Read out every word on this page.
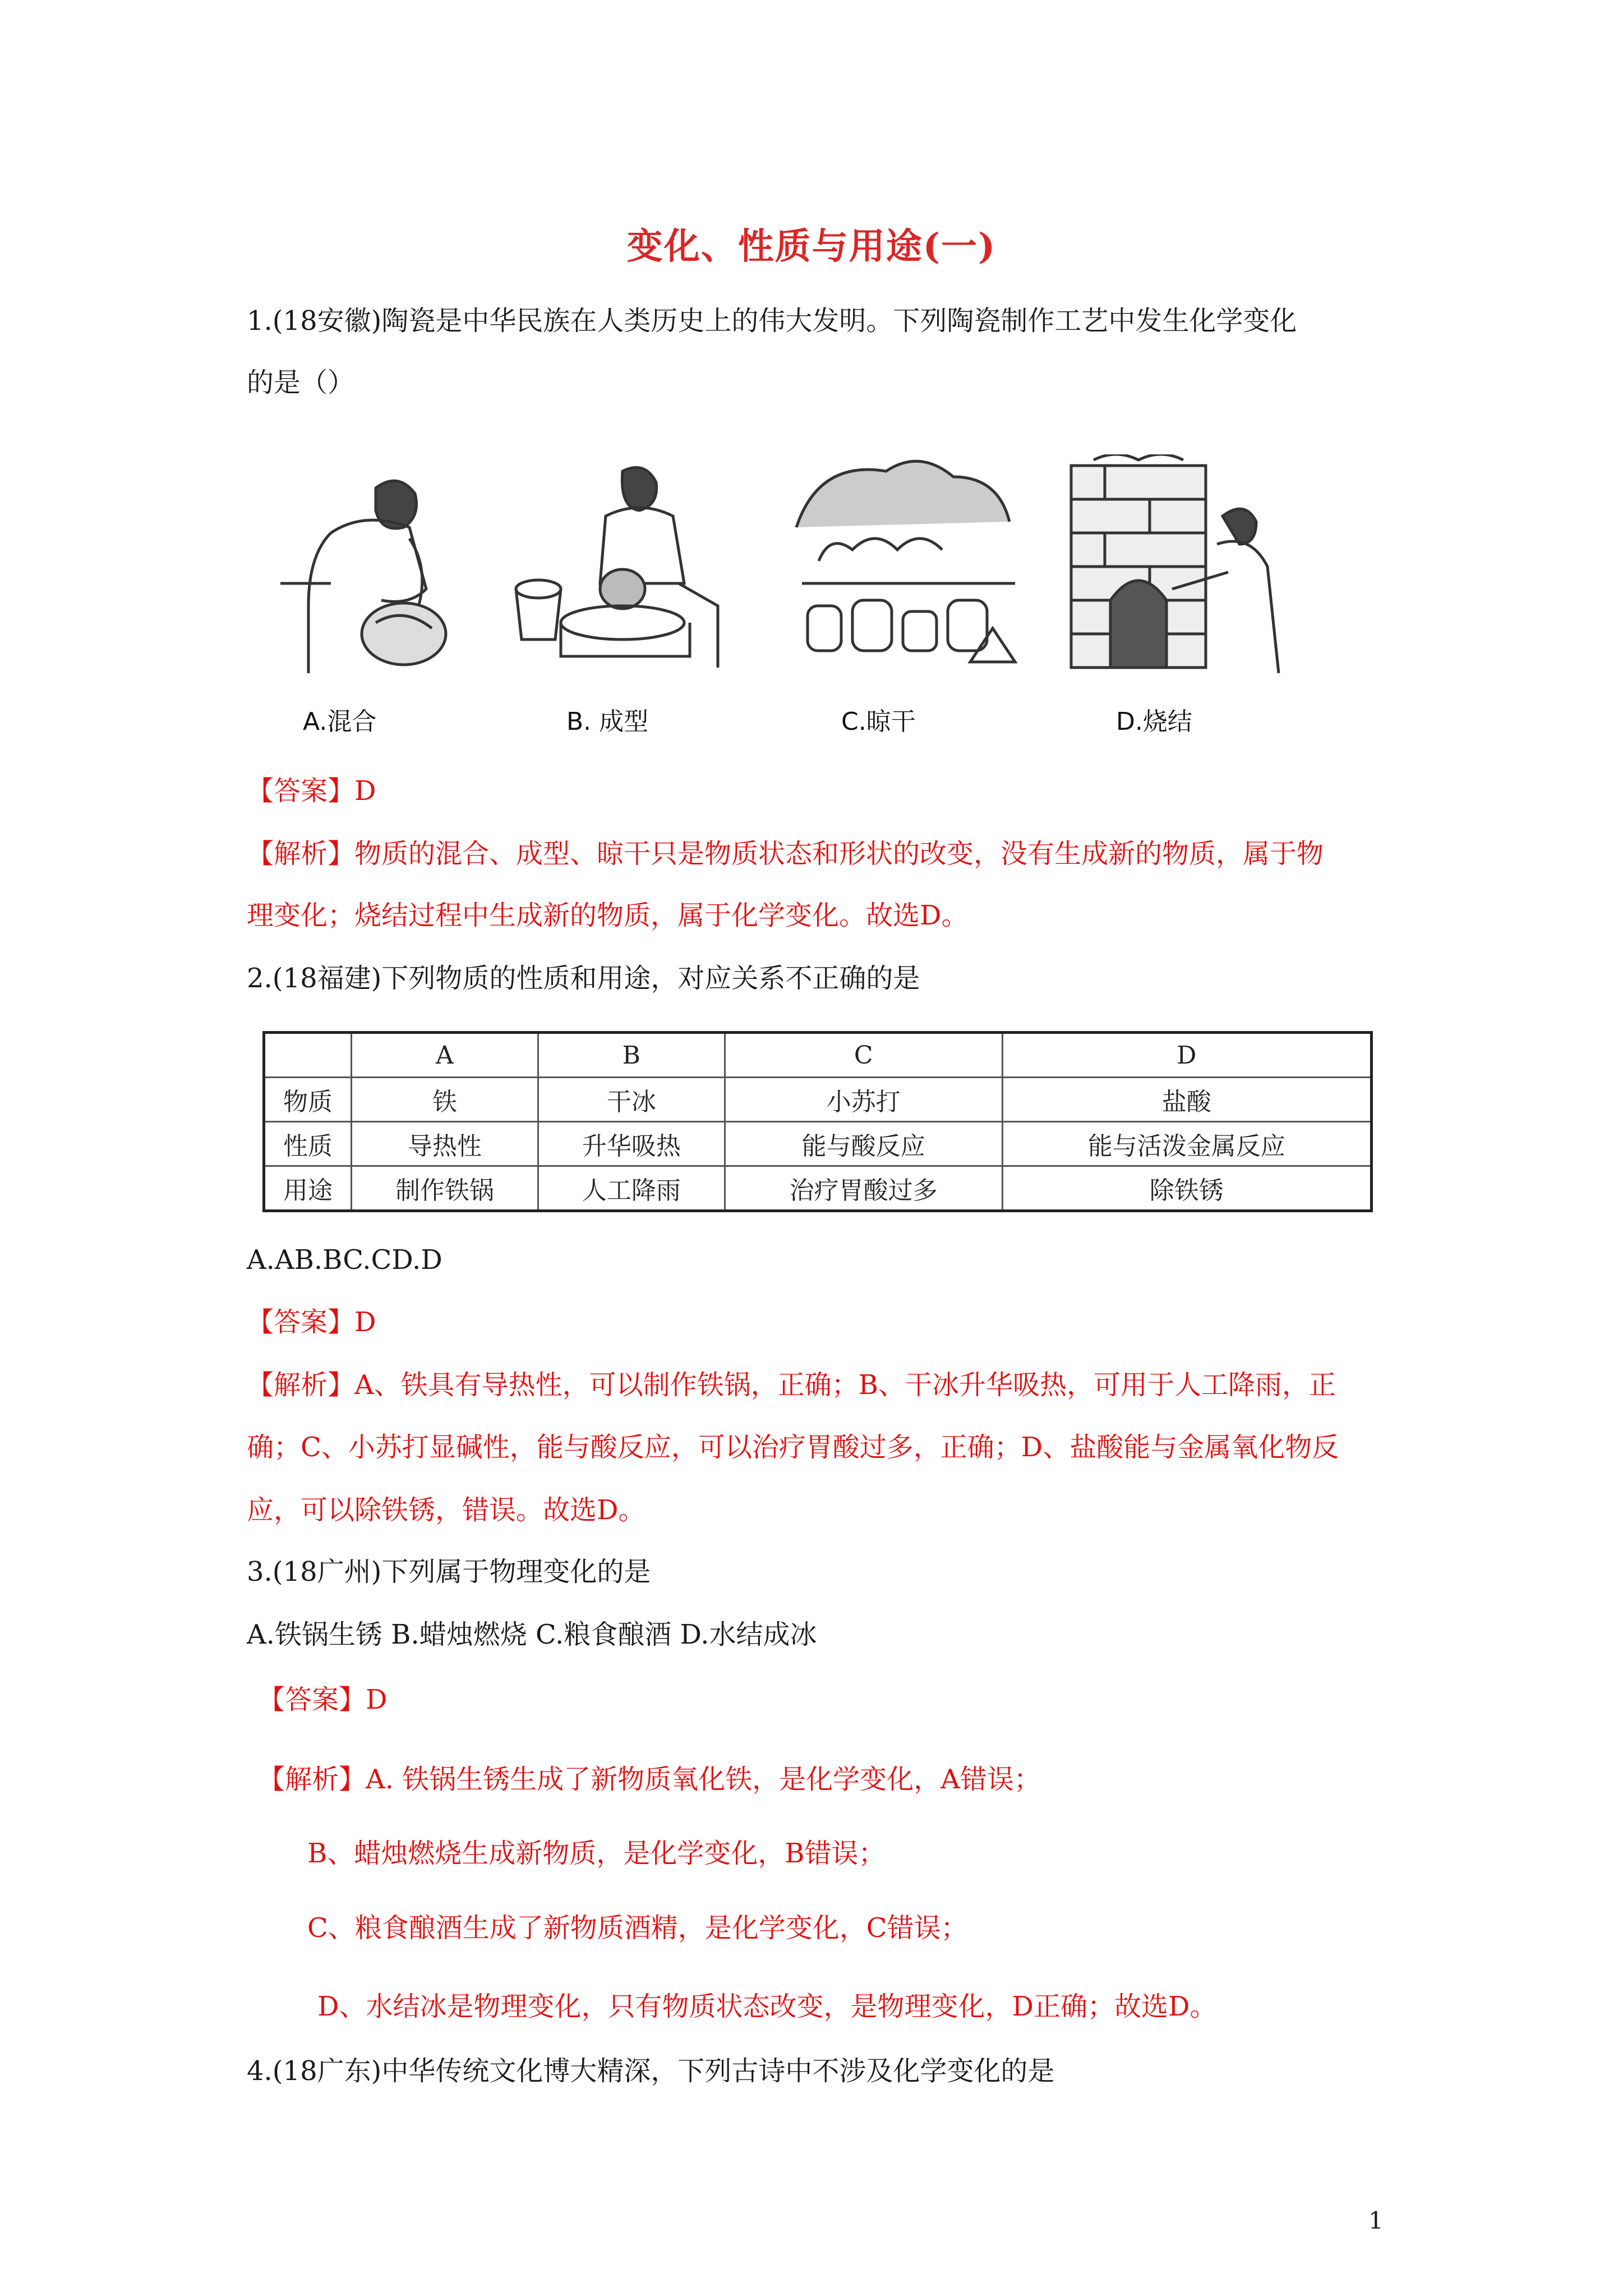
变化、性质与用途(一)
1.(18安徽)陶瓷是中华民族在人类历史上的伟大发明。下列陶瓷制作工艺中发生化学变化
的是（）
A.混合	B. 成型	C.晾干	D.烧结
【答案】D
【解析】物质的混合、成型、晾干只是物质状态和形状的改变，没有生成新的物质，属于物
理变化；烧结过程中生成新的物质，属于化学变化。故选D。
2.(18福建)下列物质的性质和用途，对应关系不正确的是
	A	B	C	D
物质	铁	干冰	小苏打	盐酸
性质	导热性	升华吸热	能与酸反应	能与活泼金属反应
用途	制作铁锅	人工降雨	治疗胃酸过多	除铁锈
A.AB.BC.CD.D
【答案】D
【解析】A、铁具有导热性，可以制作铁锅，正确；B、干冰升华吸热，可用于人工降雨，正
确；C、小苏打显碱性，能与酸反应，可以治疗胃酸过多，正确；D、盐酸能与金属氧化物反
应，可以除铁锈，错误。故选D。
3.(18广州)下列属于物理变化的是
A.铁锅生锈 B.蜡烛燃烧 C.粮食酿酒 D.水结成冰
【答案】D
【解析】A. 铁锅生锈生成了新物质氧化铁，是化学变化，A错误；
B、蜡烛燃烧生成新物质，是化学变化，B错误；
C、粮食酿酒生成了新物质酒精，是化学变化，C错误；
D、水结冰是物理变化，只有物质状态改变，是物理变化，D正确；故选D。
4.(18广东)中华传统文化博大精深，下列古诗中不涉及化学变化的是
1
